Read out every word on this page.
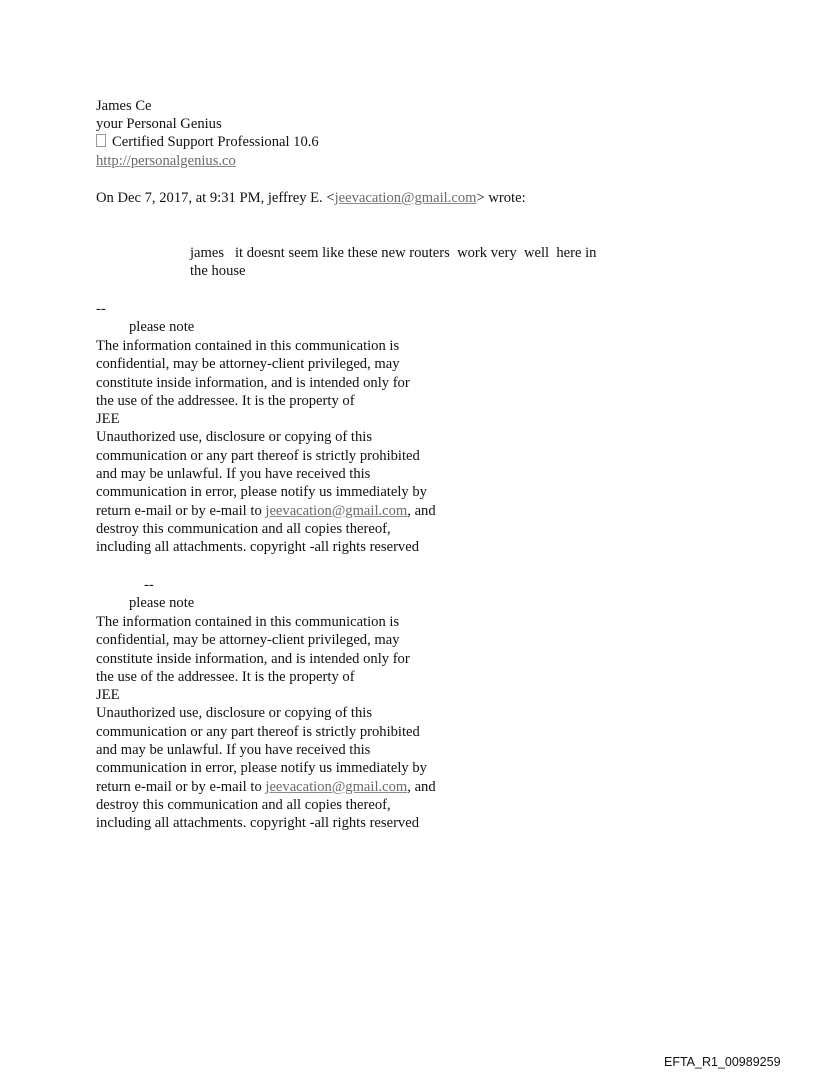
James Ce
your Personal Genius
Certified Support Professional 10.6
http://personalgenius.co
On Dec 7, 2017, at 9:31 PM, jeffrey E. <jeevacation@gmail.com> wrote:
james   it doesnt seem like these new routers  work very  well  here in
the house
--
please note
The information contained in this communication is
confidential, may be attorney-client privileged, may
constitute inside information, and is intended only for
the use of the addressee. It is the property of
JEE
Unauthorized use, disclosure or copying of this
communication or any part thereof is strictly prohibited
and may be unlawful. If you have received this
communication in error, please notify us immediately by
return e-mail or by e-mail to jeevacation@gmail.com, and
destroy this communication and all copies thereof,
including all attachments. copyright -all rights reserved
--
please note
The information contained in this communication is
confidential, may be attorney-client privileged, may
constitute inside information, and is intended only for
the use of the addressee. It is the property of
JEE
Unauthorized use, disclosure or copying of this
communication or any part thereof is strictly prohibited
and may be unlawful. If you have received this
communication in error, please notify us immediately by
return e-mail or by e-mail to jeevacation@gmail.com, and
destroy this communication and all copies thereof,
including all attachments. copyright -all rights reserved
EFTA_R1_00989259
